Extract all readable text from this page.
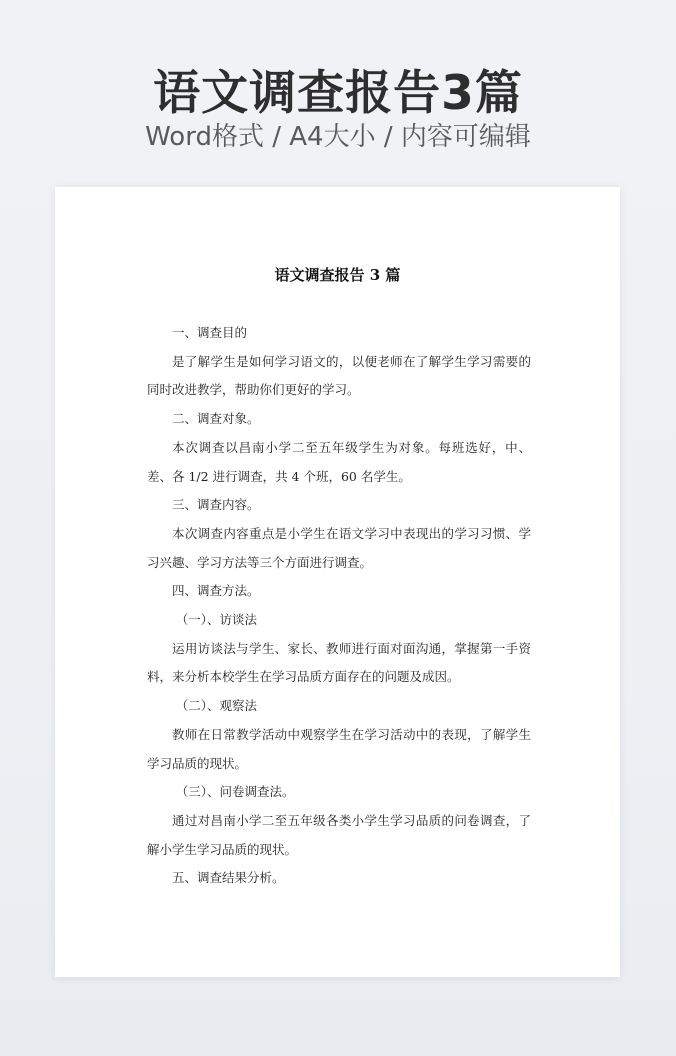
语文调查报告3篇
Word格式 / A4大小 / 内容可编辑
语文调查报告 3 篇

一、调查目的

是了解学生是如何学习语文的，以便老师在了解学生学习需要的同时改进教学，帮助你们更好的学习。

二、调查对象。

本次调查以昌南小学二至五年级学生为对象。每班选好，中、差、各 1/2 进行调查，共 4 个班，60 名学生。

三、调查内容。

本次调查内容重点是小学生在语文学习中表现出的学习习惯、学习兴趣、学习方法等三个方面进行调查。

四、调查方法。

（一）、访谈法

运用访谈法与学生、家长、教师进行面对面沟通，掌握第一手资料，来分析本校学生在学习品质方面存在的问题及成因。

（二）、观察法

教师在日常教学活动中观察学生在学习活动中的表现，了解学生学习品质的现状。

（三）、问卷调查法。

通过对昌南小学二至五年级各类小学生学习品质的问卷调查，了解小学生学习品质的现状。

五、调查结果分析。
